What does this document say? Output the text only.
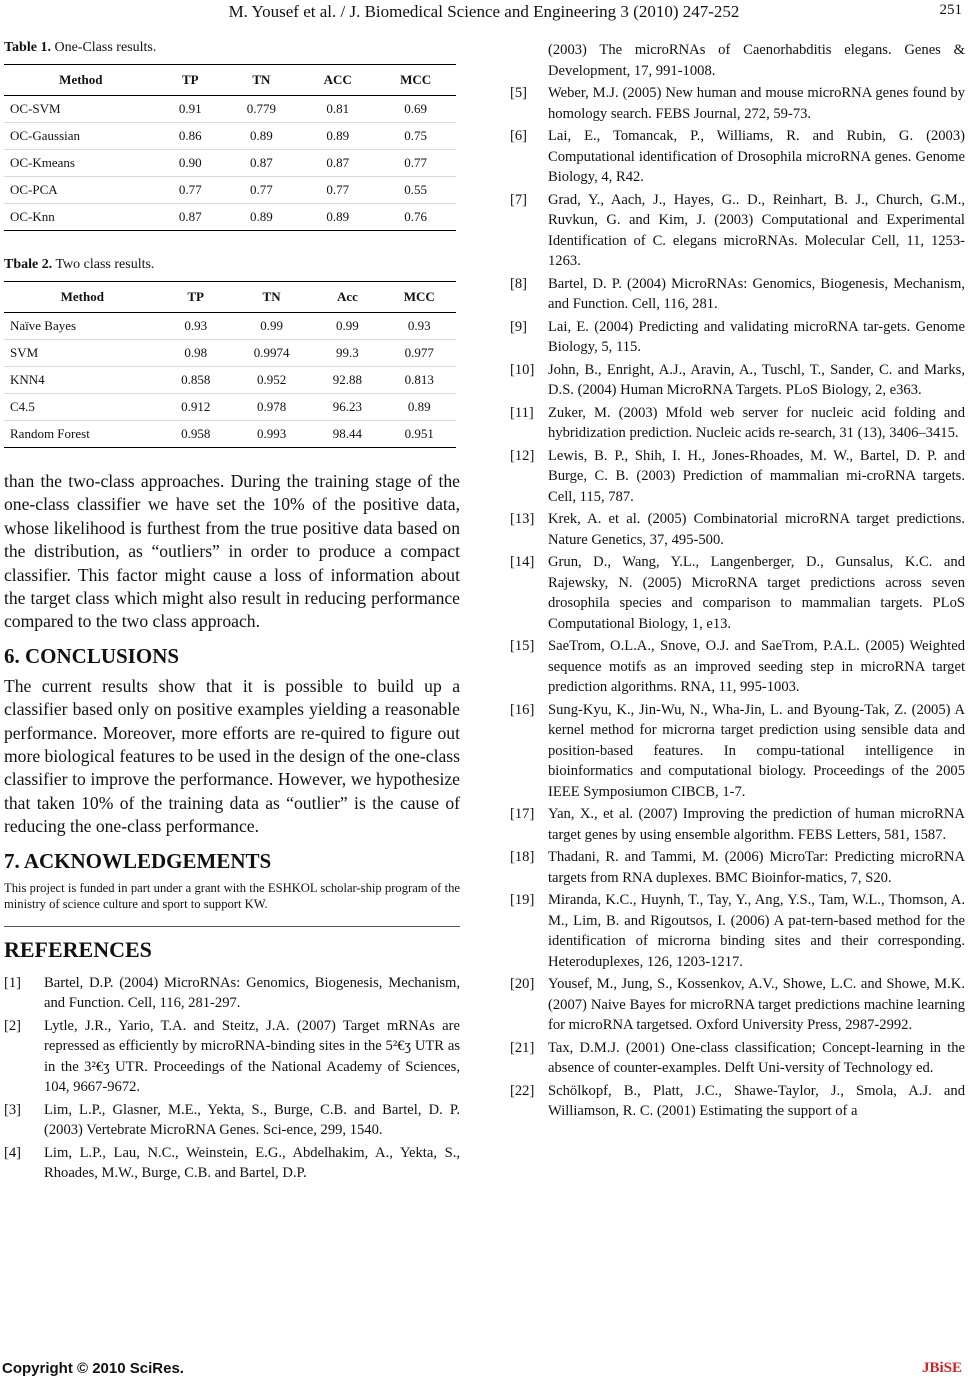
M. Yousef et al. / J. Biomedical Science and Engineering 3 (2010) 247-252	251
Table 1. One-Class results.
Method	TP	TN	ACC	MCC
OC-SVM	0.91	0.779	0.81	0.69
OC-Gaussian	0.86	0.89	0.89	0.75
OC-Kmeans	0.90	0.87	0.87	0.77
OC-PCA	0.77	0.77	0.77	0.55
OC-Knn	0.87	0.89	0.89	0.76
Tbale 2. Two class results.
Method	TP	TN	Acc	MCC
Naïve Bayes	0.93	0.99	0.99	0.93
SVM	0.98	0.9974	99.3	0.977
KNN4	0.858	0.952	92.88	0.813
C4.5	0.912	0.978	96.23	0.89
Random Forest	0.958	0.993	98.44	0.951

than the two-class approaches. During the training stage of the one-class classifier we have set the 10% of the positive data, whose likelihood is furthest from the true positive data based on the distribution, as “outliers” in order to produce a compact classifier. This factor might cause a loss of information about the target class which might also result in reducing performance compared to the two class approach.

6. CONCLUSIONS

The current results show that it is possible to build up a classifier based only on positive examples yielding a reasonable performance. Moreover, more efforts are re-quired to figure out more biological features to be used in the design of the one-class classifier to improve the performance. However, we hypothesize that taken 10% of the training data as “outlier” is the cause of reducing the one-class performance.

7. ACKNOWLEDGEMENTS

This project is funded in part under a grant with the ESHKOL scholar-ship program of the ministry of science culture and sport to support KW.

REFERENCES
[1]	Bartel, D.P. (2004) MicroRNAs: Genomics, Biogenesis, Mechanism, and Function. Cell, 116, 281-297.
[2]	Lytle, J.R., Yario, T.A. and Steitz, J.A. (2007) Target mRNAs are repressed as efficiently by microRNA-binding sites in the 5²€ʒ UTR as in the 3²€ʒ UTR. Proceedings of the National Academy of Sciences, 104, 9667-9672.
[3]	Lim, L.P., Glasner, M.E., Yekta, S., Burge, C.B. and Bartel, D. P. (2003) Vertebrate MicroRNA Genes. Sci-ence, 299, 1540.
[4]	Lim, L.P., Lau, N.C., Weinstein, E.G., Abdelhakim, A., Yekta, S., Rhoades, M.W., Burge, C.B. and Bartel, D.P.
(2003) The microRNAs of Caenorhabditis elegans. Genes & Development, 17, 991-1008.
[5]	Weber, M.J. (2005) New human and mouse microRNA genes found by homology search. FEBS Journal, 272, 59-73.
[6]	Lai, E., Tomancak, P., Williams, R. and Rubin, G. (2003) Computational identification of Drosophila microRNA genes. Genome Biology, 4, R42.
[7]	Grad, Y., Aach, J., Hayes, G.. D., Reinhart, B. J., Church, G.M., Ruvkun, G. and Kim, J. (2003) Computational and Experimental Identification of C. elegans microRNAs. Molecular Cell, 11, 1253-1263.
[8]	Bartel, D. P. (2004) MicroRNAs: Genomics, Biogenesis, Mechanism, and Function. Cell, 116, 281.
[9]	Lai, E. (2004) Predicting and validating microRNA tar-gets. Genome Biology, 5, 115.
[10] John, B., Enright, A.J., Aravin, A., Tuschl, T., Sander, C. and Marks, D.S. (2004) Human MicroRNA Targets. PLoS Biology, 2, e363.
[11] Zuker, M. (2003) Mfold web server for nucleic acid folding and hybridization prediction. Nucleic acids re-search, 31 (13), 3406–3415.
[12] Lewis, B. P., Shih, I. H., Jones-Rhoades, M. W., Bartel, D. P. and Burge, C. B. (2003) Prediction of mammalian mi-croRNA targets. Cell, 115, 787.
[13] Krek, A. et al. (2005) Combinatorial microRNA target predictions. Nature Genetics, 37, 495-500.
[14] Grun, D., Wang, Y.L., Langenberger, D., Gunsalus, K.C. and Rajewsky, N. (2005) MicroRNA target predictions across seven drosophila species and comparison to mammalian targets. PLoS Computational Biology, 1, e13.
[15] SaeTrom, O.L.A., Snove, O.J. and SaeTrom, P.A.L. (2005) Weighted sequence motifs as an improved seeding step in microRNA target prediction algorithms. RNA, 11, 995-1003.
[16] Sung-Kyu, K., Jin-Wu, N., Wha-Jin, L. and Byoung-Tak, Z. (2005) A kernel method for microrna target prediction using sensible data and position-based features. In compu-tational intelligence in bioinformatics and computational biology. Proceedings of the 2005 IEEE Symposiumon CIBCB, 1-7.
[17] Yan, X., et al. (2007) Improving the prediction of human microRNA target genes by using ensemble algorithm. FEBS Letters, 581, 1587.
[18] Thadani, R. and Tammi, M. (2006) MicroTar: Predicting microRNA targets from RNA duplexes. BMC Bioinfor-matics, 7, S20.
[19] Miranda, K.C., Huynh, T., Tay, Y., Ang, Y.S., Tam, W.L., Thomson, A. M., Lim, B. and Rigoutsos, I. (2006) A pat-tern-based method for the identification of microrna binding sites and their corresponding. Heteroduplexes, 126, 1203-1217.
[20] Yousef, M., Jung, S., Kossenkov, A.V., Showe, L.C. and Showe, M.K. (2007) Naive Bayes for microRNA target predictions machine learning for microRNA targetsed. Oxford University Press, 2987-2992.
[21] Tax, D.M.J. (2001) One-class classification; Concept-learning in the absence of counter-examples. Delft Uni-versity of Technology ed.
[22] Schölkopf, B., Platt, J.C., Shawe-Taylor, J., Smola, A.J. and Williamson, R. C. (2001) Estimating the support of a
Copyright © 2010 SciRes.	JBiSE
